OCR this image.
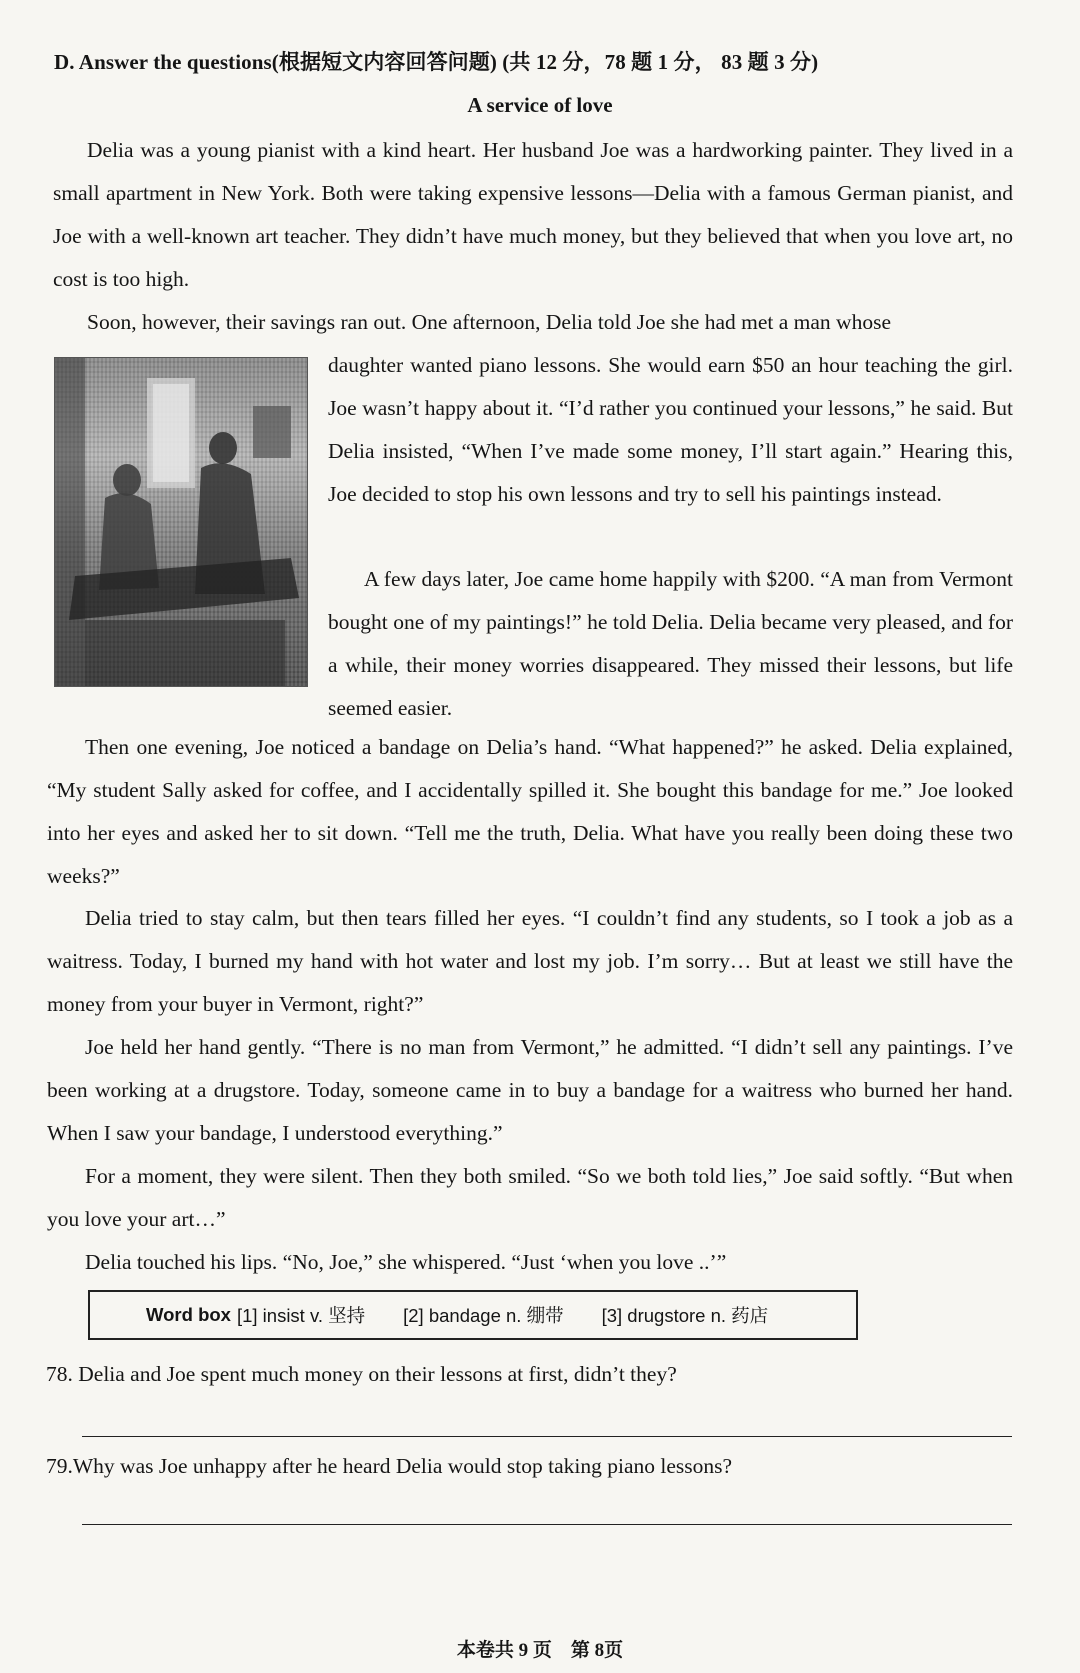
D. Answer the questions(根据短文内容回答问题) (共 12 分，78 题 1 分， 83 题 3 分)
A service of love

Delia was a young pianist with a kind heart. Her husband Joe was a hardworking painter. They lived in a small apartment in New York. Both were taking expensive lessons—Delia with a famous German pianist, and Joe with a well-known art teacher. They didn’t have much money, but they believed that when you love art, no cost is too high.

Soon, however, their savings ran out. One afternoon, Delia told Joe she had met a man whose

daughter wanted piano lessons. She would earn $50 an hour teaching the girl. Joe wasn’t happy about it. “I’d rather you continued your lessons,” he said. But Delia insisted, “When I’ve made some money, I’ll start again.” Hearing this, Joe decided to stop his own lessons and try to sell his paintings instead.

A few days later, Joe came home happily with $200. “A man from Vermont bought one of my paintings!” he told Delia. Delia became very pleased, and for a while, their money worries disappeared. They missed their lessons, but life seemed easier.

Then one evening, Joe noticed a bandage on Delia’s hand. “What happened?” he asked. Delia explained, “My student Sally asked for coffee, and I accidentally spilled it. She bought this bandage for me.” Joe looked into her eyes and asked her to sit down. “Tell me the truth, Delia. What have you really been doing these two weeks?”

Delia tried to stay calm, but then tears filled her eyes. “I couldn’t find any students, so I took a job as a waitress. Today, I burned my hand with hot water and lost my job. I’m sorry… But at least we still have the money from your buyer in Vermont, right?”

Joe held her hand gently. “There is no man from Vermont,” he admitted. “I didn’t sell any paintings. I’ve been working at a drugstore. Today, someone came in to buy a bandage for a waitress who burned her hand. When I saw your bandage, I understood everything.”

For a moment, they were silent. Then they both smiled. “So we both told lies,” Joe said softly. “But when you love your art…”

Delia touched his lips. “No, Joe,” she whispered. “Just ‘when you love ..’”

Word box [1] insist v. 坚持 [2] bandage n. 绷带 [3] drugstore n. 药店
78. Delia and Joe spent much money on their lessons at first, didn’t they?
79.Why was Joe unhappy after he heard Delia would stop taking piano lessons?
本卷共 9 页　第 8页
